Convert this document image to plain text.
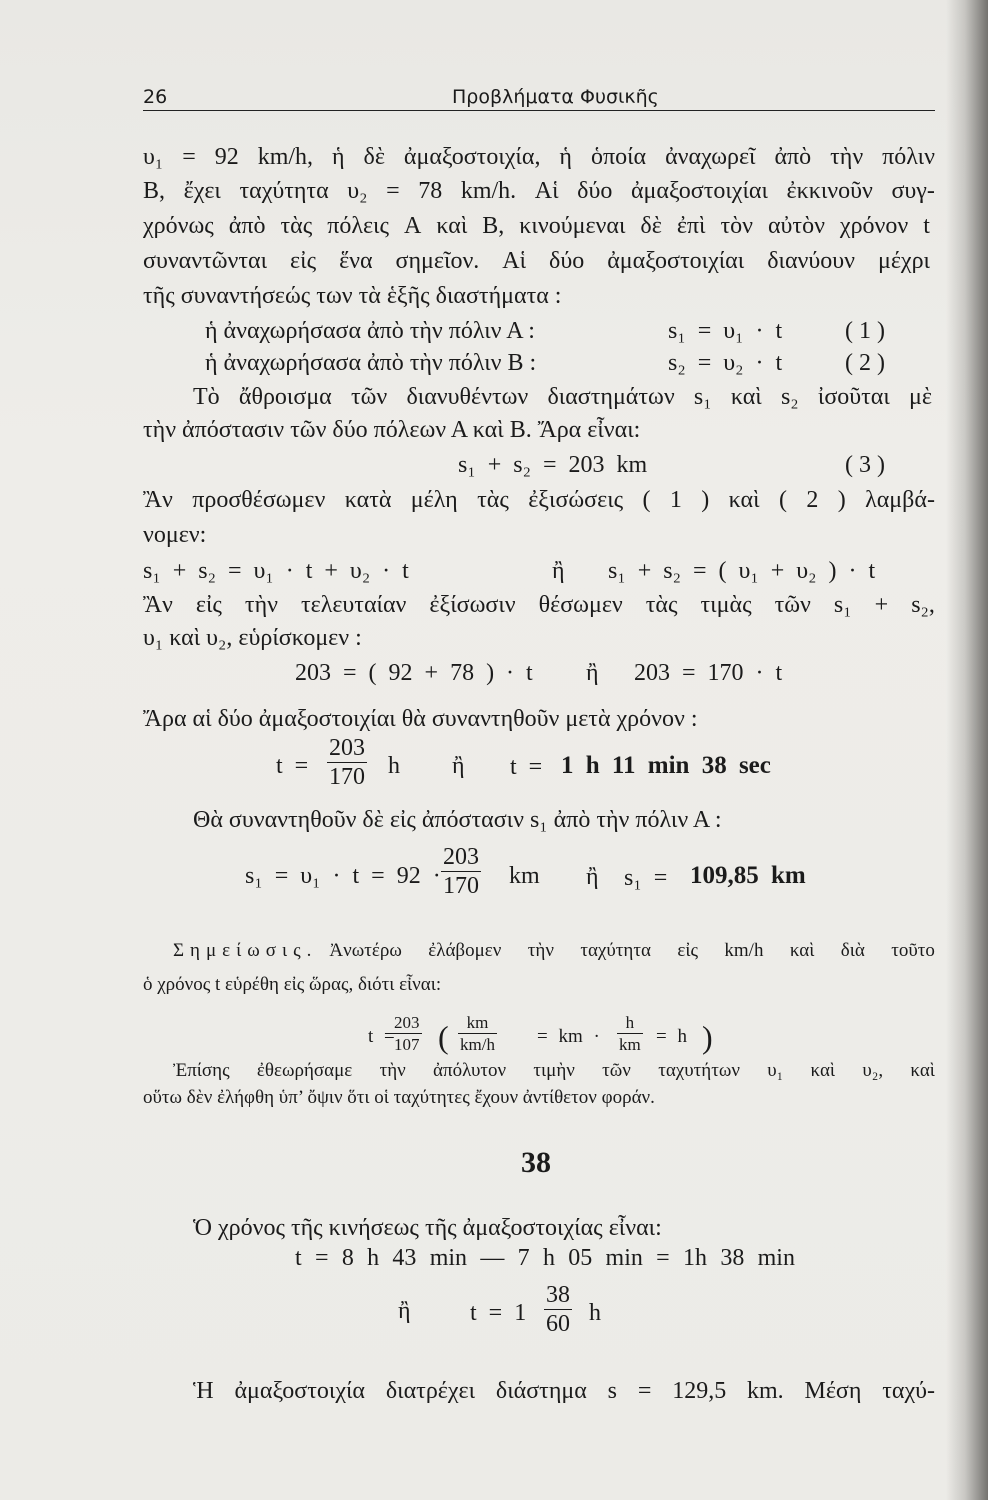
26	Προβλήματα Φυσικῆς
υ₁ = 92 km/h, ἡ δὲ ἀμαξοστοιχία, ἡ ὁποία ἀναχωρεῖ ἀπὸ τὴν πόλιν
Β, ἔχει ταχύτητα υ₂ = 78 km/h. Αἱ δύο ἀμαξοστοιχίαι ἐκκινοῦν συγ-
χρόνως ἀπὸ τὰς πόλεις Α καὶ Β, κινούμεναι δὲ ἐπὶ τὸν αὐτὸν χρόνον t
συναντῶνται εἰς ἕνα σημεῖον. Αἱ δύο ἀμαξοστοιχίαι διανύουν μέχρι
τῆς συναντήσεώς των τὰ ἑξῆς διαστήματα :
ἡ ἀναχωρήσασα ἀπὸ τὴν πόλιν Α :	s₁ = υ₁ · t	( 1 )
ἡ ἀναχωρήσασα ἀπὸ τὴν πόλιν Β :	s₂ = υ₂ · t	( 2 )
Τὸ ἄθροισμα τῶν διανυθέντων διαστημάτων s₁ καὶ s₂ ἰσοῦται μὲ
τὴν ἀπόστασιν τῶν δύο πόλεων Α καὶ Β. Ἄρα εἶναι:
s₁ + s₂ = 203 km	( 3 )
Ἂν προσθέσωμεν κατὰ μέλη τὰς ἐξισώσεις ( 1 ) καὶ ( 2 ) λαμβά-
νομεν:
s₁ + s₂ = υ₁ · t + υ₂ · t	ἢ s₁ + s₂ = ( υ₁ + υ₂ ) · t
Ἂν εἰς τὴν τελευταίαν ἐξίσωσιν θέσωμεν τὰς τιμὰς τῶν s₁ + s₂,
υ₁ καὶ υ₂, εὑρίσκομεν :
203 = ( 92 + 78 ) · t ἢ 203 = 170 · t
Ἄρα αἱ δύο ἀμαξοστοιχίαι θὰ συναντηθοῦν μετὰ χρόνον :
t =
203
170 h ἢ t = 1 h 11 min 38 sec
Θὰ συναντηθοῦν δὲ εἰς ἀπόστασιν s₁ ἀπὸ τὴν πόλιν Α :
s₁ = υ₁ · t = 92 ·
203
170 km ἢ s₁ = 109,85 km
Σημείωσις. Ἀνωτέρω ἐλάβομεν τὴν ταχύτητα εἰς km/h καὶ διὰ τοῦτο
ὁ χρόνος t εὑρέθη εἰς ὥρας, διότι εἶναι:
t =
203
107 ( km
km/h = km ·
h
km = h )
Ἐπίσης ἐθεωρήσαμε τὴν ἀπόλυτον τιμὴν τῶν ταχυτήτων υ₁ καὶ υ₂, καὶ
οὕτω δὲν ἐλήφθη ὑπ’ ὄψιν ὅτι οἱ ταχύτητες ἔχουν ἀντίθετον φοράν.
38
Ὁ χρόνος τῆς κινήσεως τῆς ἀμαξοστοιχίας εἶναι:
t = 8 h 43 min — 7 h 05 min = 1h 38 min
ἢ t = 1
38
60 h
Ἡ ἀμαξοστοιχία διατρέχει διάστημα s = 129,5 km. Μέση ταχύ-
